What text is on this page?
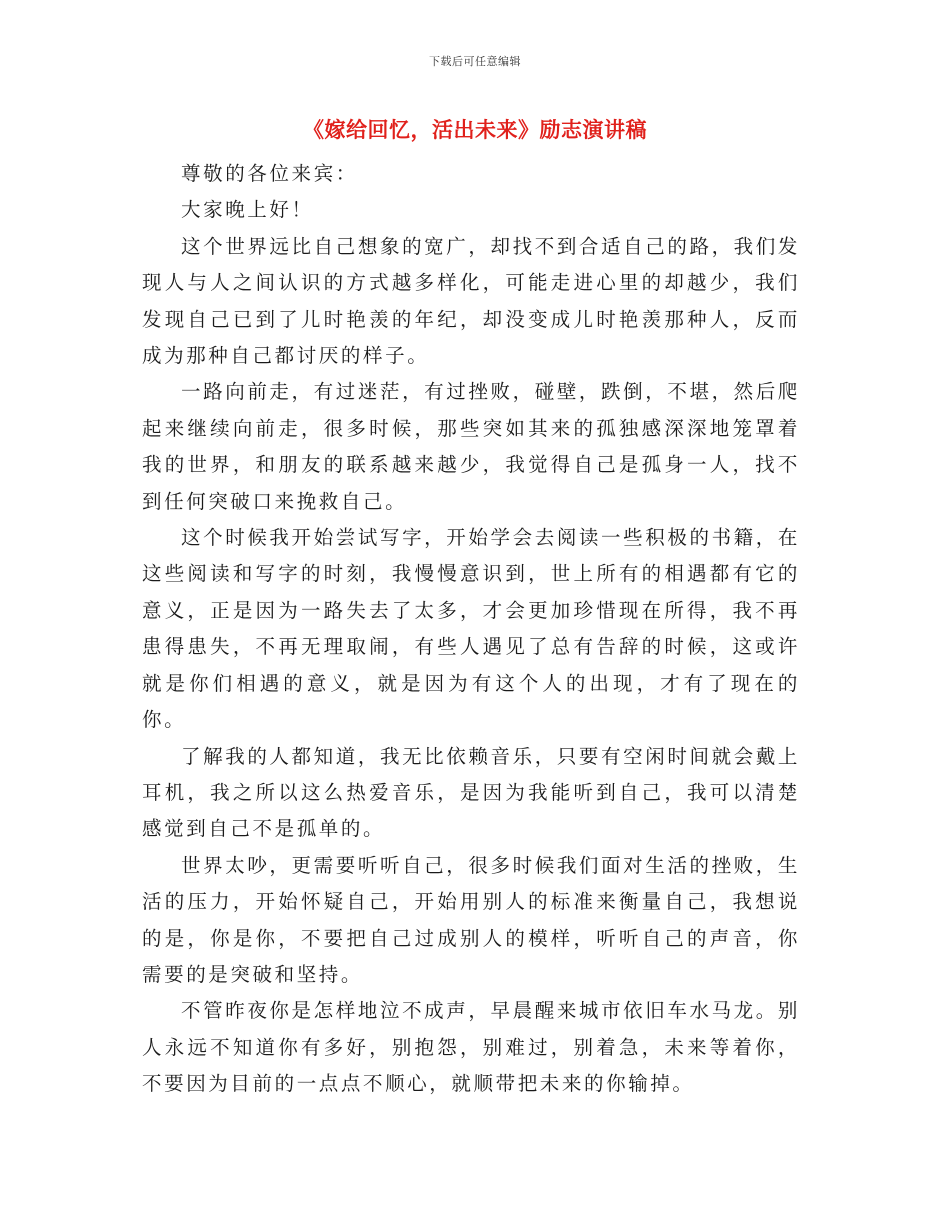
下载后可任意编辑
《嫁给回忆，活出未来》励志演讲稿

尊敬的各位来宾：

大家晚上好！

这个世界远比自己想象的宽广，却找不到合适自己的路，我们发现人与人之间认识的方式越多样化，可能走进心里的却越少，我们发现自己已到了儿时艳羡的年纪，却没变成儿时艳羡那种人，反而成为那种自己都讨厌的样子。

一路向前走，有过迷茫，有过挫败，碰壁，跌倒，不堪，然后爬起来继续向前走，很多时候，那些突如其来的孤独感深深地笼罩着我的世界，和朋友的联系越来越少，我觉得自己是孤身一人，找不到任何突破口来挽救自己。

这个时候我开始尝试写字，开始学会去阅读一些积极的书籍，在这些阅读和写字的时刻，我慢慢意识到，世上所有的相遇都有它的意义，正是因为一路失去了太多，才会更加珍惜现在所得，我不再患得患失，不再无理取闹，有些人遇见了总有告辞的时候，这或许就是你们相遇的意义，就是因为有这个人的出现，才有了现在的你。

了解我的人都知道，我无比依赖音乐，只要有空闲时间就会戴上耳机，我之所以这么热爱音乐，是因为我能听到自己，我可以清楚感觉到自己不是孤单的。

世界太吵，更需要听听自己，很多时候我们面对生活的挫败，生活的压力，开始怀疑自己，开始用别人的标准来衡量自己，我想说的是，你是你，不要把自己过成别人的模样，听听自己的声音，你需要的是突破和坚持。

不管昨夜你是怎样地泣不成声，早晨醒来城市依旧车水马龙。别人永远不知道你有多好，别抱怨，别难过，别着急，未来等着你，不要因为目前的一点点不顺心，就顺带把未来的你输掉。
